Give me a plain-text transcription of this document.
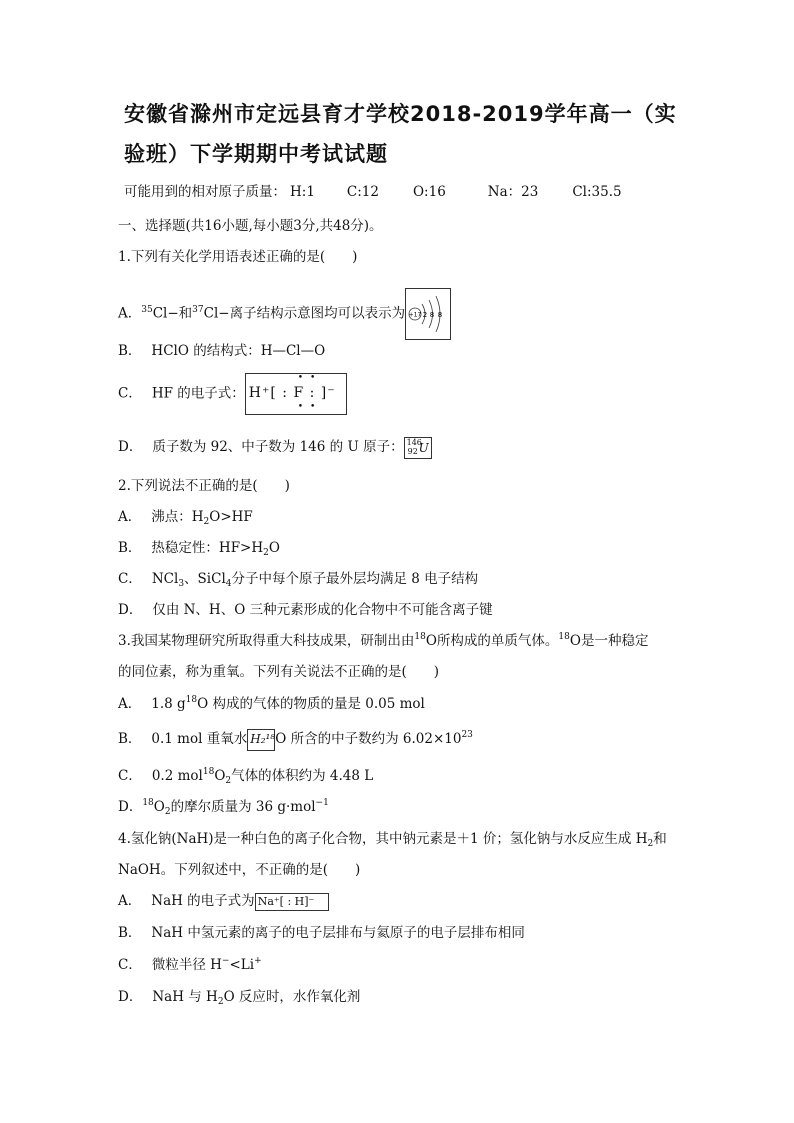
安徽省滁州市定远县育才学校2018-2019学年高一（实验班）下学期期中考试试题
可能用到的相对原子质量： H:1 C:12	O:16	Na：23	Cl:35.5
一、选择题(共16小题,每小题3分,共48分)。
1.下列有关化学用语表述正确的是(　　)
A．$^{35}$Cl−和$^{37}$Cl−离子结构示意图均可以表示为 +17 2 8 8
B． HClO 的结构式：H—Cl—O
C． HF 的电子式：
• •
H⁺[ : F : ]⁻
• •
D． 质子数为 92、中子数为 146 的 U 原子： 146
92 U
2.下列说法不正确的是(　　)
A． 沸点：$H_2O>HF$
B． 热稳定性：$HF>H_2O$
C． NCl$_3$、SiCl$_4$分子中每个原子最外层均满足 8 电子结构
D． 仅由 N、H、O 三种元素形成的化合物中不可能含离子键
3.我国某物理研究所取得重大科技成果，研制出由$^{18}$O所构成的单质气体。$^{18}$O是一种稳定
的同位素，称为重氧。下列有关说法不正确的是(　　)
A． 1.8 $g^{18}O$ 构成的气体的物质的量是 0.05 mol
B． 0.1 mol 重氧水 H₂¹⁸ O 所含的中子数约为 $6.02\times 10^{23}$
C． 0.2 $mol^{18}O_2$气体的体积约为 4.48 L
D．$^{18}O_2$的摩尔质量为 36 g·mol$^{-1}$
4.氢化钠(NaH)是一种白色的离子化合物，其中钠元素是＋1 价；氢化钠与水反应生成 $H_2$和
NaOH。下列叙述中，不正确的是(　　)
A． NaH 的电子式为 Na⁺[ : H]⁻
B． NaH 中氢元素的离子的电子层排布与氦原子的电子层排布相同
C． 微粒半径 H−<Li+
D． NaH 与 $H_2O$ 反应时，水作氧化剂
